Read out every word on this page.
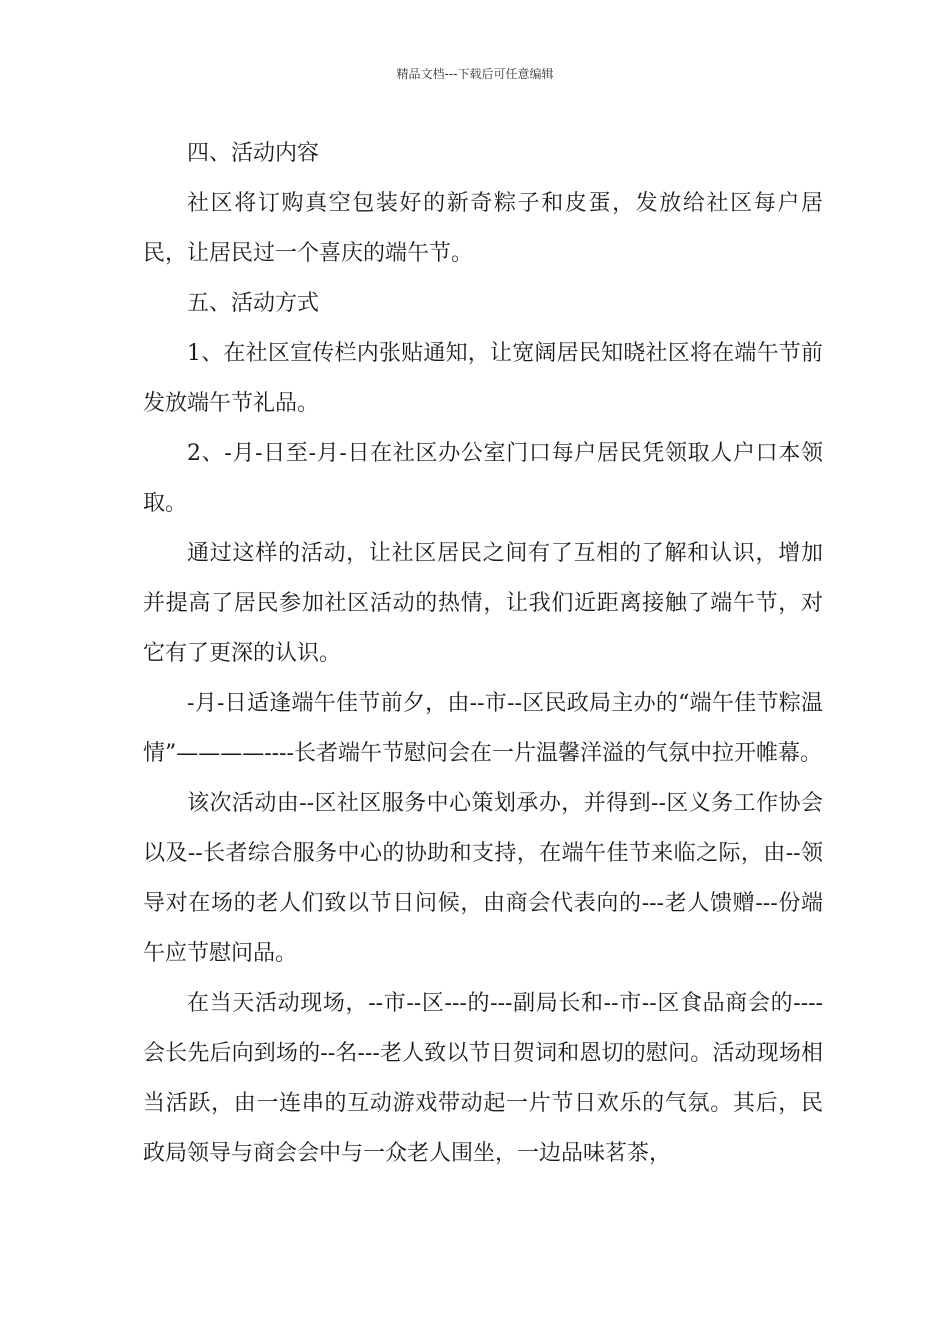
精品文档---下载后可任意编辑

四、活动内容

社区将订购真空包装好的新奇粽子和皮蛋，发放给社区每户居民，让居民过一个喜庆的端午节。

五、活动方式

1、在社区宣传栏内张贴通知，让宽阔居民知晓社区将在端午节前发放端午节礼品。

2、-月-日至-月-日在社区办公室门口每户居民凭领取人户口本领取。

通过这样的活动，让社区居民之间有了互相的了解和认识，增加并提高了居民参加社区活动的热情，让我们近距离接触了端午节，对它有了更深的认识。

-月-日适逢端午佳节前夕，由--市--区民政局主办的“端午佳节粽温情”————----长者端午节慰问会在一片温馨洋溢的气氛中拉开帷幕。

该次活动由--区社区服务中心策划承办，并得到--区义务工作协会以及--长者综合服务中心的协助和支持，在端午佳节来临之际，由--领导对在场的老人们致以节日问候，由商会代表向的---老人馈赠---份端午应节慰问品。

在当天活动现场，--市--区---的---副局长和--市--区食品商会的----会长先后向到场的--名---老人致以节日贺词和恩切的慰问。活动现场相当活跃，由一连串的互动游戏带动起一片节日欢乐的气氛。其后，民政局领导与商会会中与一众老人围坐，一边品味茗茶，
